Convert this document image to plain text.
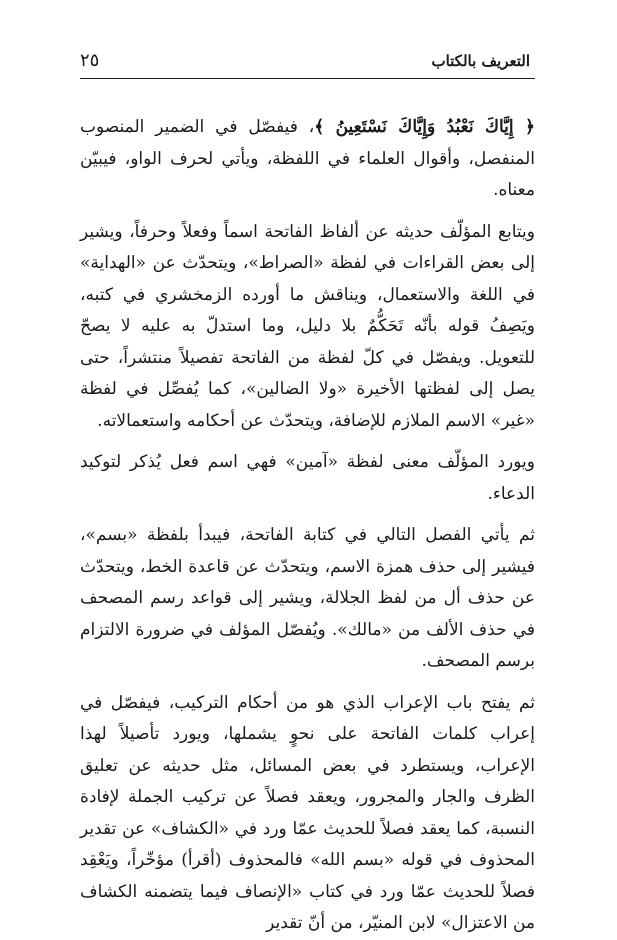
التعريف بالكتاب
٢٥

﴿ إِيَّاكَ نَعْبُدُ وَإِيَّاكَ نَسْتَعِينُ ﴾، فيفصّل في الضمير المنصوب المنفصل، وأقوال العلماء في اللفظة، ويأتي لحرف الواو، فيبيّن معناه.

ويتابع المؤلّف حديثه عن ألفاظ الفاتحة اسماً وفعلاً وحرفاً، ويشير إلى بعض القراءات في لفظة «الصراط»، ويتحدّث عن «الهداية» في اللغة والاستعمال، ويناقش ما أورده الزمخشري في كتبه، ويَصِفُ قوله بأنّه تَحَكُّمٌ بلا دليل، وما استدلّ به عليه لا يصحّ للتعويل. ويفصّل في كلّ لفظة من الفاتحة تفصيلاً منتشراً، حتى يصل إلى لفظتها الأخيرة «ولا الضالين»، كما يُفصِّل في لفظة «غير» الاسم الملازم للإضافة، ويتحدّث عن أحكامه واستعمالاته.

ويورد المؤلّف معنى لفظة «آمين» فهي اسم فعل يُذكر لتوكيد الدعاء.

ثم يأتي الفصل التالي في كتابة الفاتحة، فيبدأ بلفظة «بسم»، فيشير إلى حذف همزة الاسم، ويتحدّث عن قاعدة الخط، ويتحدّث عن حذف أل من لفظ الجلالة، ويشير إلى قواعد رسم المصحف في حذف الألف من «مالك». ويُفصّل المؤلف في ضرورة الالتزام برسم المصحف.

ثم يفتح باب الإعراب الذي هو من أحكام التركيب، فيفصّل في إعراب كلمات الفاتحة على نحوٍ يشملها، ويورد تأصيلاً لهذا الإعراب، ويستطرد في بعض المسائل، مثل حديثه عن تعليق الظرف والجار والمجرور، ويعقد فصلاً عن تركيب الجملة لإفادة النسبة، كما يعقد فصلاً للحديث عمّا ورد في «الكشاف» عن تقدير المحذوف في قوله «بسم الله» فالمحذوف (أقرأ) مؤخّراً، ويَعْقِد فصلاً للحديث عمّا ورد في كتاب «الإنصاف فيما يتضمنه الكشاف من الاعتزال» لابن المنيّر، من أنّ تقدير
